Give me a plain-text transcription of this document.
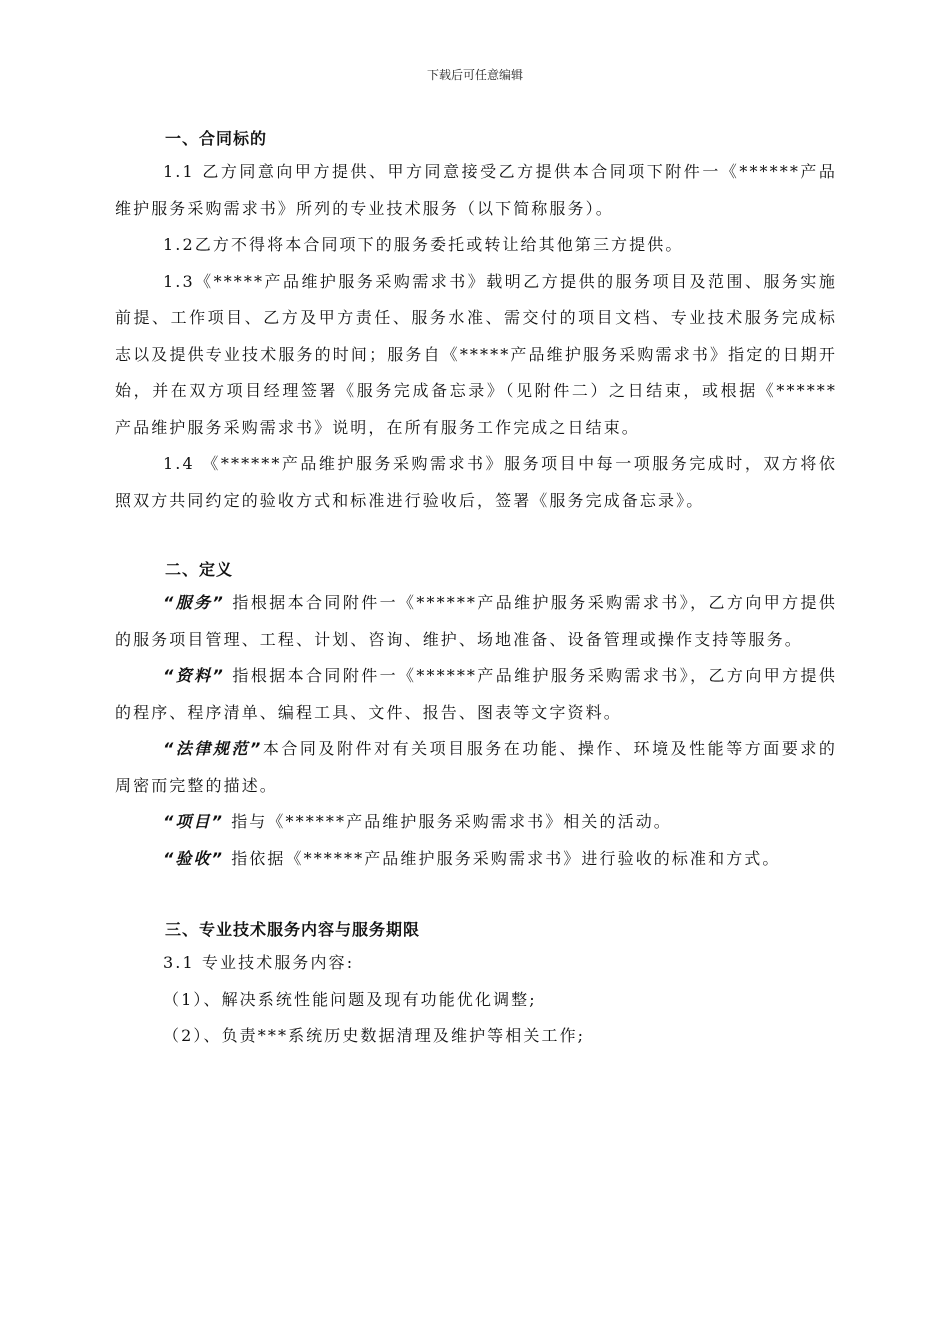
下载后可任意编辑
一、合同标的

1.1 乙方同意向甲方提供、甲方同意接受乙方提供本合同项下附件一《******产品维护服务采购需求书》所列的专业技术服务（以下简称服务）。

1.2乙方不得将本合同项下的服务委托或转让给其他第三方提供。

1.3《*****产品维护服务采购需求书》载明乙方提供的服务项目及范围、服务实施前提、工作项目、乙方及甲方责任、服务水准、需交付的项目文档、专业技术服务完成标志以及提供专业技术服务的时间；服务自《*****产品维护服务采购需求书》指定的日期开始，并在双方项目经理签署《服务完成备忘录》（见附件二）之日结束，或根据《******产品维护服务采购需求书》说明，在所有服务工作完成之日结束。

1.4 《******产品维护服务采购需求书》服务项目中每一项服务完成时，双方将依照双方共同约定的验收方式和标准进行验收后，签署《服务完成备忘录》。

二、定义

“服务” 指根据本合同附件一《******产品维护服务采购需求书》，乙方向甲方提供的服务项目管理、工程、计划、咨询、维护、场地准备、设备管理或操作支持等服务。

“资料” 指根据本合同附件一《******产品维护服务采购需求书》，乙方向甲方提供的程序、程序清单、编程工具、文件、报告、图表等文字资料。

“法律规范”本合同及附件对有关项目服务在功能、操作、环境及性能等方面要求的周密而完整的描述。

“项目” 指与《******产品维护服务采购需求书》相关的活动。

“验收” 指依据《******产品维护服务采购需求书》进行验收的标准和方式。

三、专业技术服务内容与服务期限

3.1 专业技术服务内容:

（1）、解决系统性能问题及现有功能优化调整;

（2）、负责***系统历史数据清理及维护等相关工作;
